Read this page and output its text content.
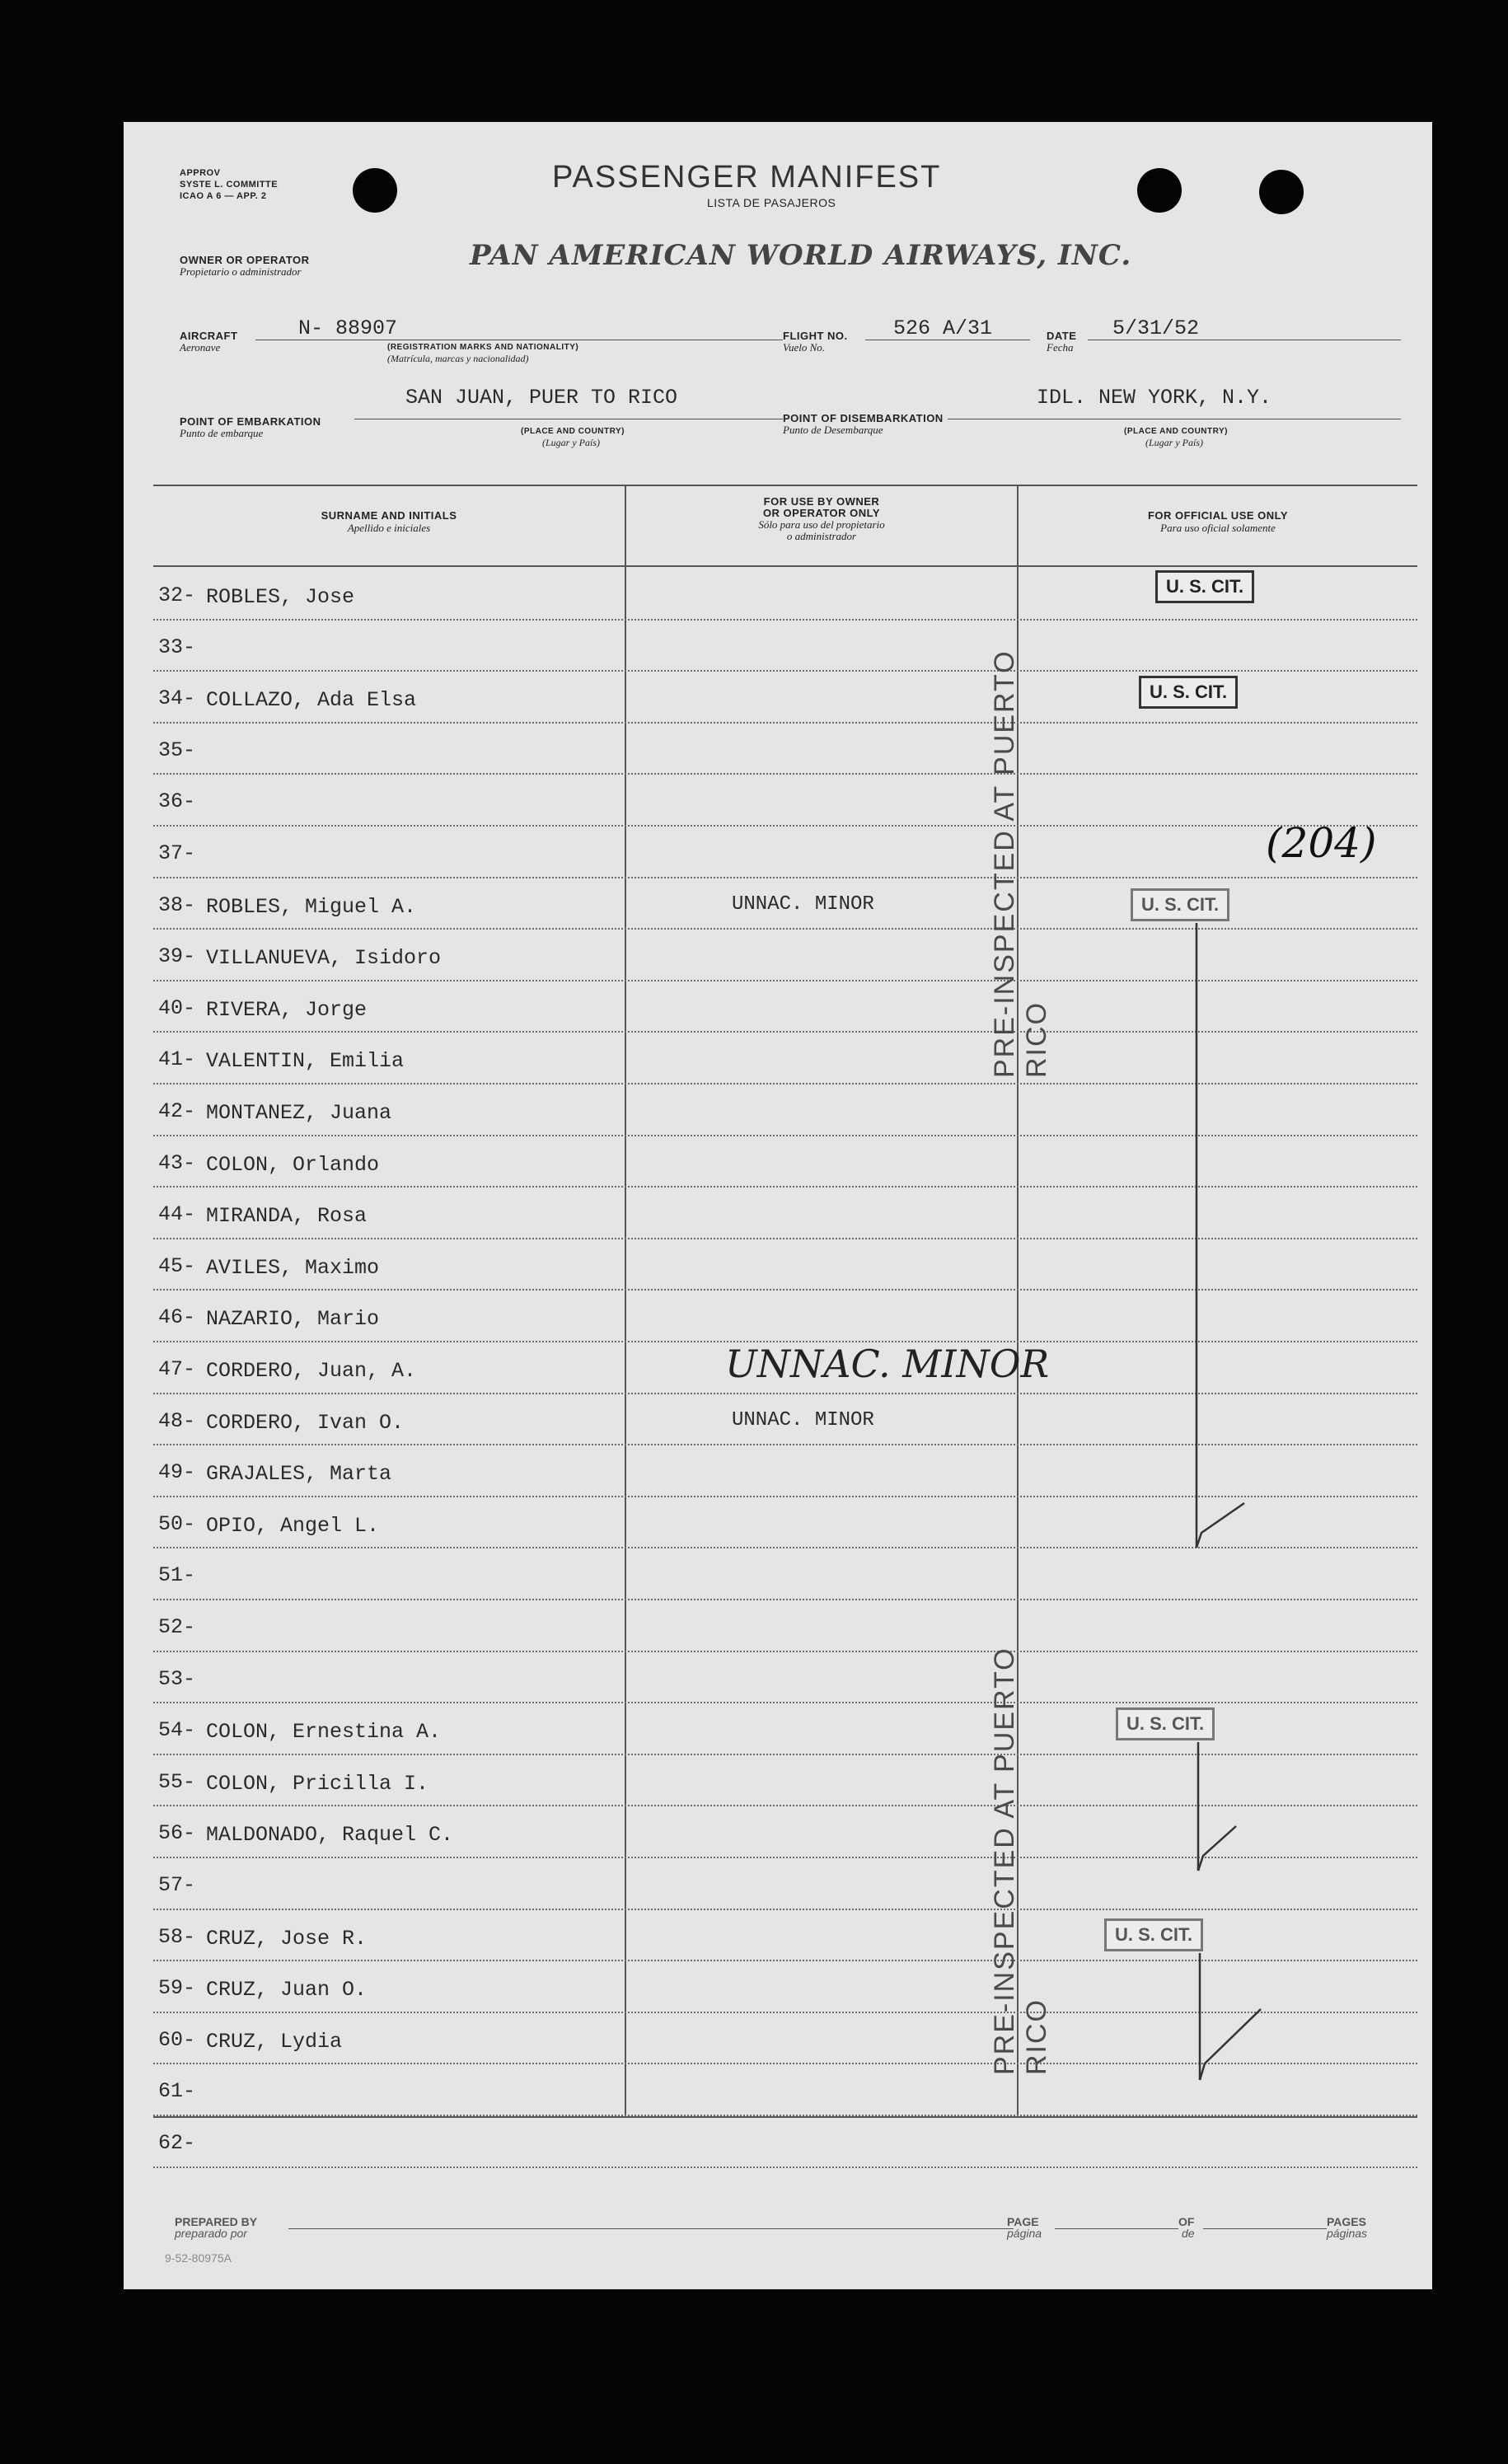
APPROV
SYSTE L. COMMITTE
ICAO A 6 — APP. 2
PASSENGER MANIFEST
LISTA DE PASAJEROS
OWNER OR OPERATOR
Propietario o administrador	PAN AMERICAN WORLD AIRWAYS, INC.
AIRCRAFT
Aeronave
N- 88907
(REGISTRATION MARKS AND NATIONALITY)
(Matrícula, marcas y nacionalidad)
FLIGHT NO.
Vuelo No.
526 A/31	DATE
Fecha
5/31/52
SAN JUAN, PUER TO RICO
POINT OF EMBARKATION
Punto de embarque	(PLACE AND COUNTRY)
(Lugar y País)
POINT OF DISEMBARKATION
Punto de Desembarque
IDL. NEW YORK, N.Y.
(PLACE AND COUNTRY)
(Lugar y País)
SURNAME AND INITIALS
Apellido e iniciales
FOR USE BY OWNER
OR OPERATOR ONLY
Sólo para uso del propietario
o administrador
FOR OFFICIAL USE ONLY
Para uso oficial solamente
32- ROBLES, Jose
33-
34- COLLAZO, Ada Elsa
35-
36-
37-
38- ROBLES, Miguel A.	UNNAC. MINOR
39- VILLANUEVA, Isidoro
40- RIVERA, Jorge
41- VALENTIN, Emilia
42- MONTANEZ, Juana
43- COLON, Orlando
44- MIRANDA, Rosa
45- AVILES, Maximo
46- NAZARIO, Mario
47- CORDERO, Juan, A.
48- CORDERO, Ivan O.	UNNAC. MINOR
49- GRAJALES, Marta
50- OPIO, Angel L.
51-
52-
53-
54- COLON, Ernestina A.
55- COLON, Pricilla I.
56- MALDONADO, Raquel C.
57-
58- CRUZ, Jose R.
59- CRUZ, Juan O.
60- CRUZ, Lydia
61-
62-
PRE-INSPECTED AT PUERTO RICO
PRE-INSPECTED AT PUERTO RICO
U. S. CIT.
U. S. CIT.
U. S. CIT.
U. S. CIT.
U. S. CIT.
UNNAC. MINOR
(204)
PREPARED BY
preparado por
PAGE
página
OF
de
PAGES
páginas
9-52-80975A
